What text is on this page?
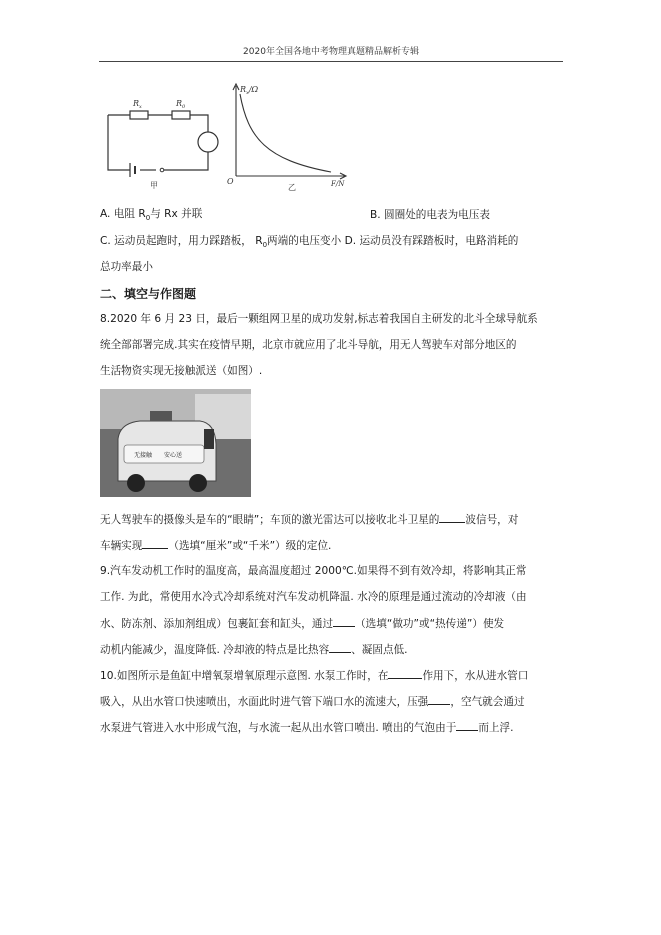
2020年全国各地中考物理真题精品解析专辑
$R_x$	$R_0$
甲
$R_x/\Omega$
O
乙	F/N
A. 电阻 $R_0$与 Rx 并联	B. 圆圈处的电表为电压表
C. 运动员起跑时，用力踩踏板， $R_0$两端的电压变小 D. 运动员没有踩踏板时，电路消耗的
总功率最小
二、填空与作图题
8.2020 年 6 月 23 日，最后一颗组网卫星的成功发射,标志着我国自主研发的北斗全球导航系
统全部部署完成.其实在疫情早期，北京市就应用了北斗导航，用无人驾驶车对部分地区的
生活物资实现无接触派送（如图）.
无接触 安心送
无人驾驶车的摄像头是车的“眼睛”；车顶的激光雷达可以接收北斗卫星的 波信号，对
车辆实现 （选填“厘米”或“千米”）级的定位.
9.汽车发动机工作时的温度高，最高温度超过 2000℃.如果得不到有效冷却，将影响其正常
工作. 为此，常使用水冷式冷却系统对汽车发动机降温. 水冷的原理是通过流动的冷却液（由
水、防冻剂、添加剂组成）包裹缸套和缸头，通过 （选填“做功”或“热传递”）使发
动机内能减少，温度降低. 冷却液的特点是比热容 、凝固点低.
10.如图所示是鱼缸中增氧泵增氧原理示意图. 水泵工作时，在	作用下，水从进水管口
吸入，从出水管口快速喷出，水面此时进气管下端口水的流速大，压强 ，空气就会通过
水泵进气管进入水中形成气泡，与水流一起从出水管口喷出. 喷出的气泡由于 而上浮.
